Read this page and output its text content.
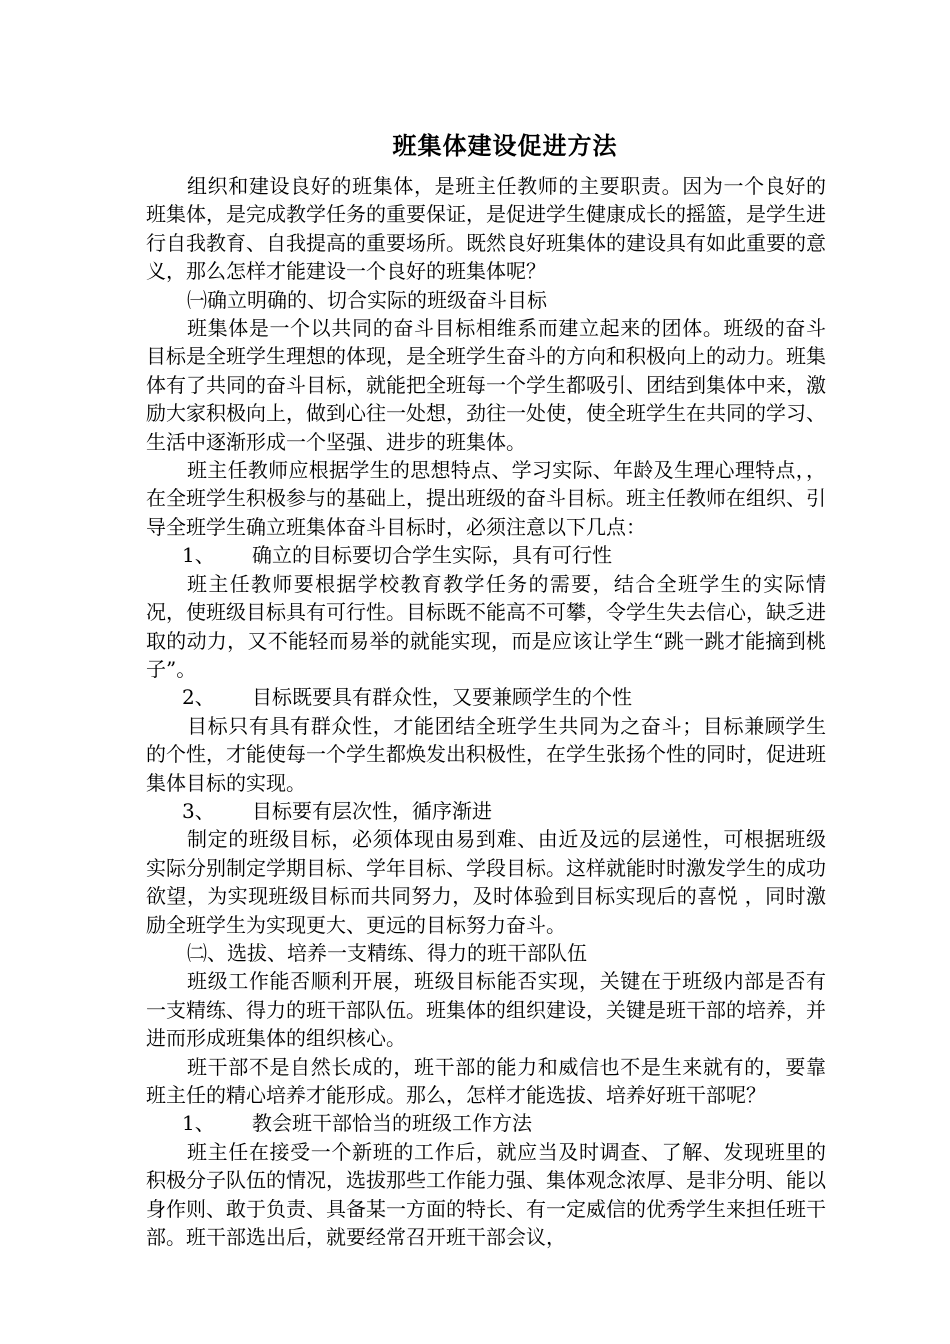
班集体建设促进方法
组织和建设良好的班集体，是班主任教师的主要职责。因为一个良好的班集体，是完成教学任务的重要保证，是促进学生健康成长的摇篮，是学生进行自我教育、自我提高的重要场所。既然良好班集体的建设具有如此重要的意义，那么怎样才能建设一个良好的班集体呢？
㈠确立明确的、切合实际的班级奋斗目标
班集体是一个以共同的奋斗目标相维系而建立起来的团体。班级的奋斗目标是全班学生理想的体现，是全班学生奋斗的方向和积极向上的动力。班集体有了共同的奋斗目标，就能把全班每一个学生都吸引、团结到集体中来，激励大家积极向上，做到心往一处想，劲往一处使，使全班学生在共同的学习、生活中逐渐形成一个坚强、进步的班集体。
班主任教师应根据学生的思想特点、学习实际、年龄及生理心理特点，，在全班学生积极参与的基础上，提出班级的奋斗目标。班主任教师在组织、引导全班学生确立班集体奋斗目标时，必须注意以下几点：
1、 确立的目标要切合学生实际，具有可行性
班主任教师要根据学校教育教学任务的需要，结合全班学生的实际情况，使班级目标具有可行性。目标既不能高不可攀，令学生失去信心，缺乏进取的动力，又不能轻而易举的就能实现，而是应该让学生“跳一跳才能摘到桃子”。
2、 目标既要具有群众性，又要兼顾学生的个性
目标只有具有群众性，才能团结全班学生共同为之奋斗；目标兼顾学生的个性，才能使每一个学生都焕发出积极性，在学生张扬个性的同时，促进班集体目标的实现。
3、 目标要有层次性，循序渐进
制定的班级目标，必须体现由易到难、由近及远的层递性，可根据班级实际分别制定学期目标、学年目标、学段目标。这样就能时时激发学生的成功欲望，为实现班级目标而共同努力，及时体验到目标实现后的喜悦 ，同时激励全班学生为实现更大、更远的目标努力奋斗。
㈡、选拔、培养一支精练、得力的班干部队伍
班级工作能否顺利开展，班级目标能否实现，关键在于班级内部是否有一支精练、得力的班干部队伍。班集体的组织建设，关键是班干部的培养，并进而形成班集体的组织核心。
班干部不是自然长成的，班干部的能力和威信也不是生来就有的，要靠班主任的精心培养才能形成。那么，怎样才能选拔、培养好班干部呢？
1、 教会班干部恰当的班级工作方法
班主任在接受一个新班的工作后，就应当及时调查、了解、发现班里的积极分子队伍的情况，选拔那些工作能力强、集体观念浓厚、是非分明、能以身作则、敢于负责、具备某一方面的特长、有一定威信的优秀学生来担任班干部。班干部选出后，就要经常召开班干部会议，
